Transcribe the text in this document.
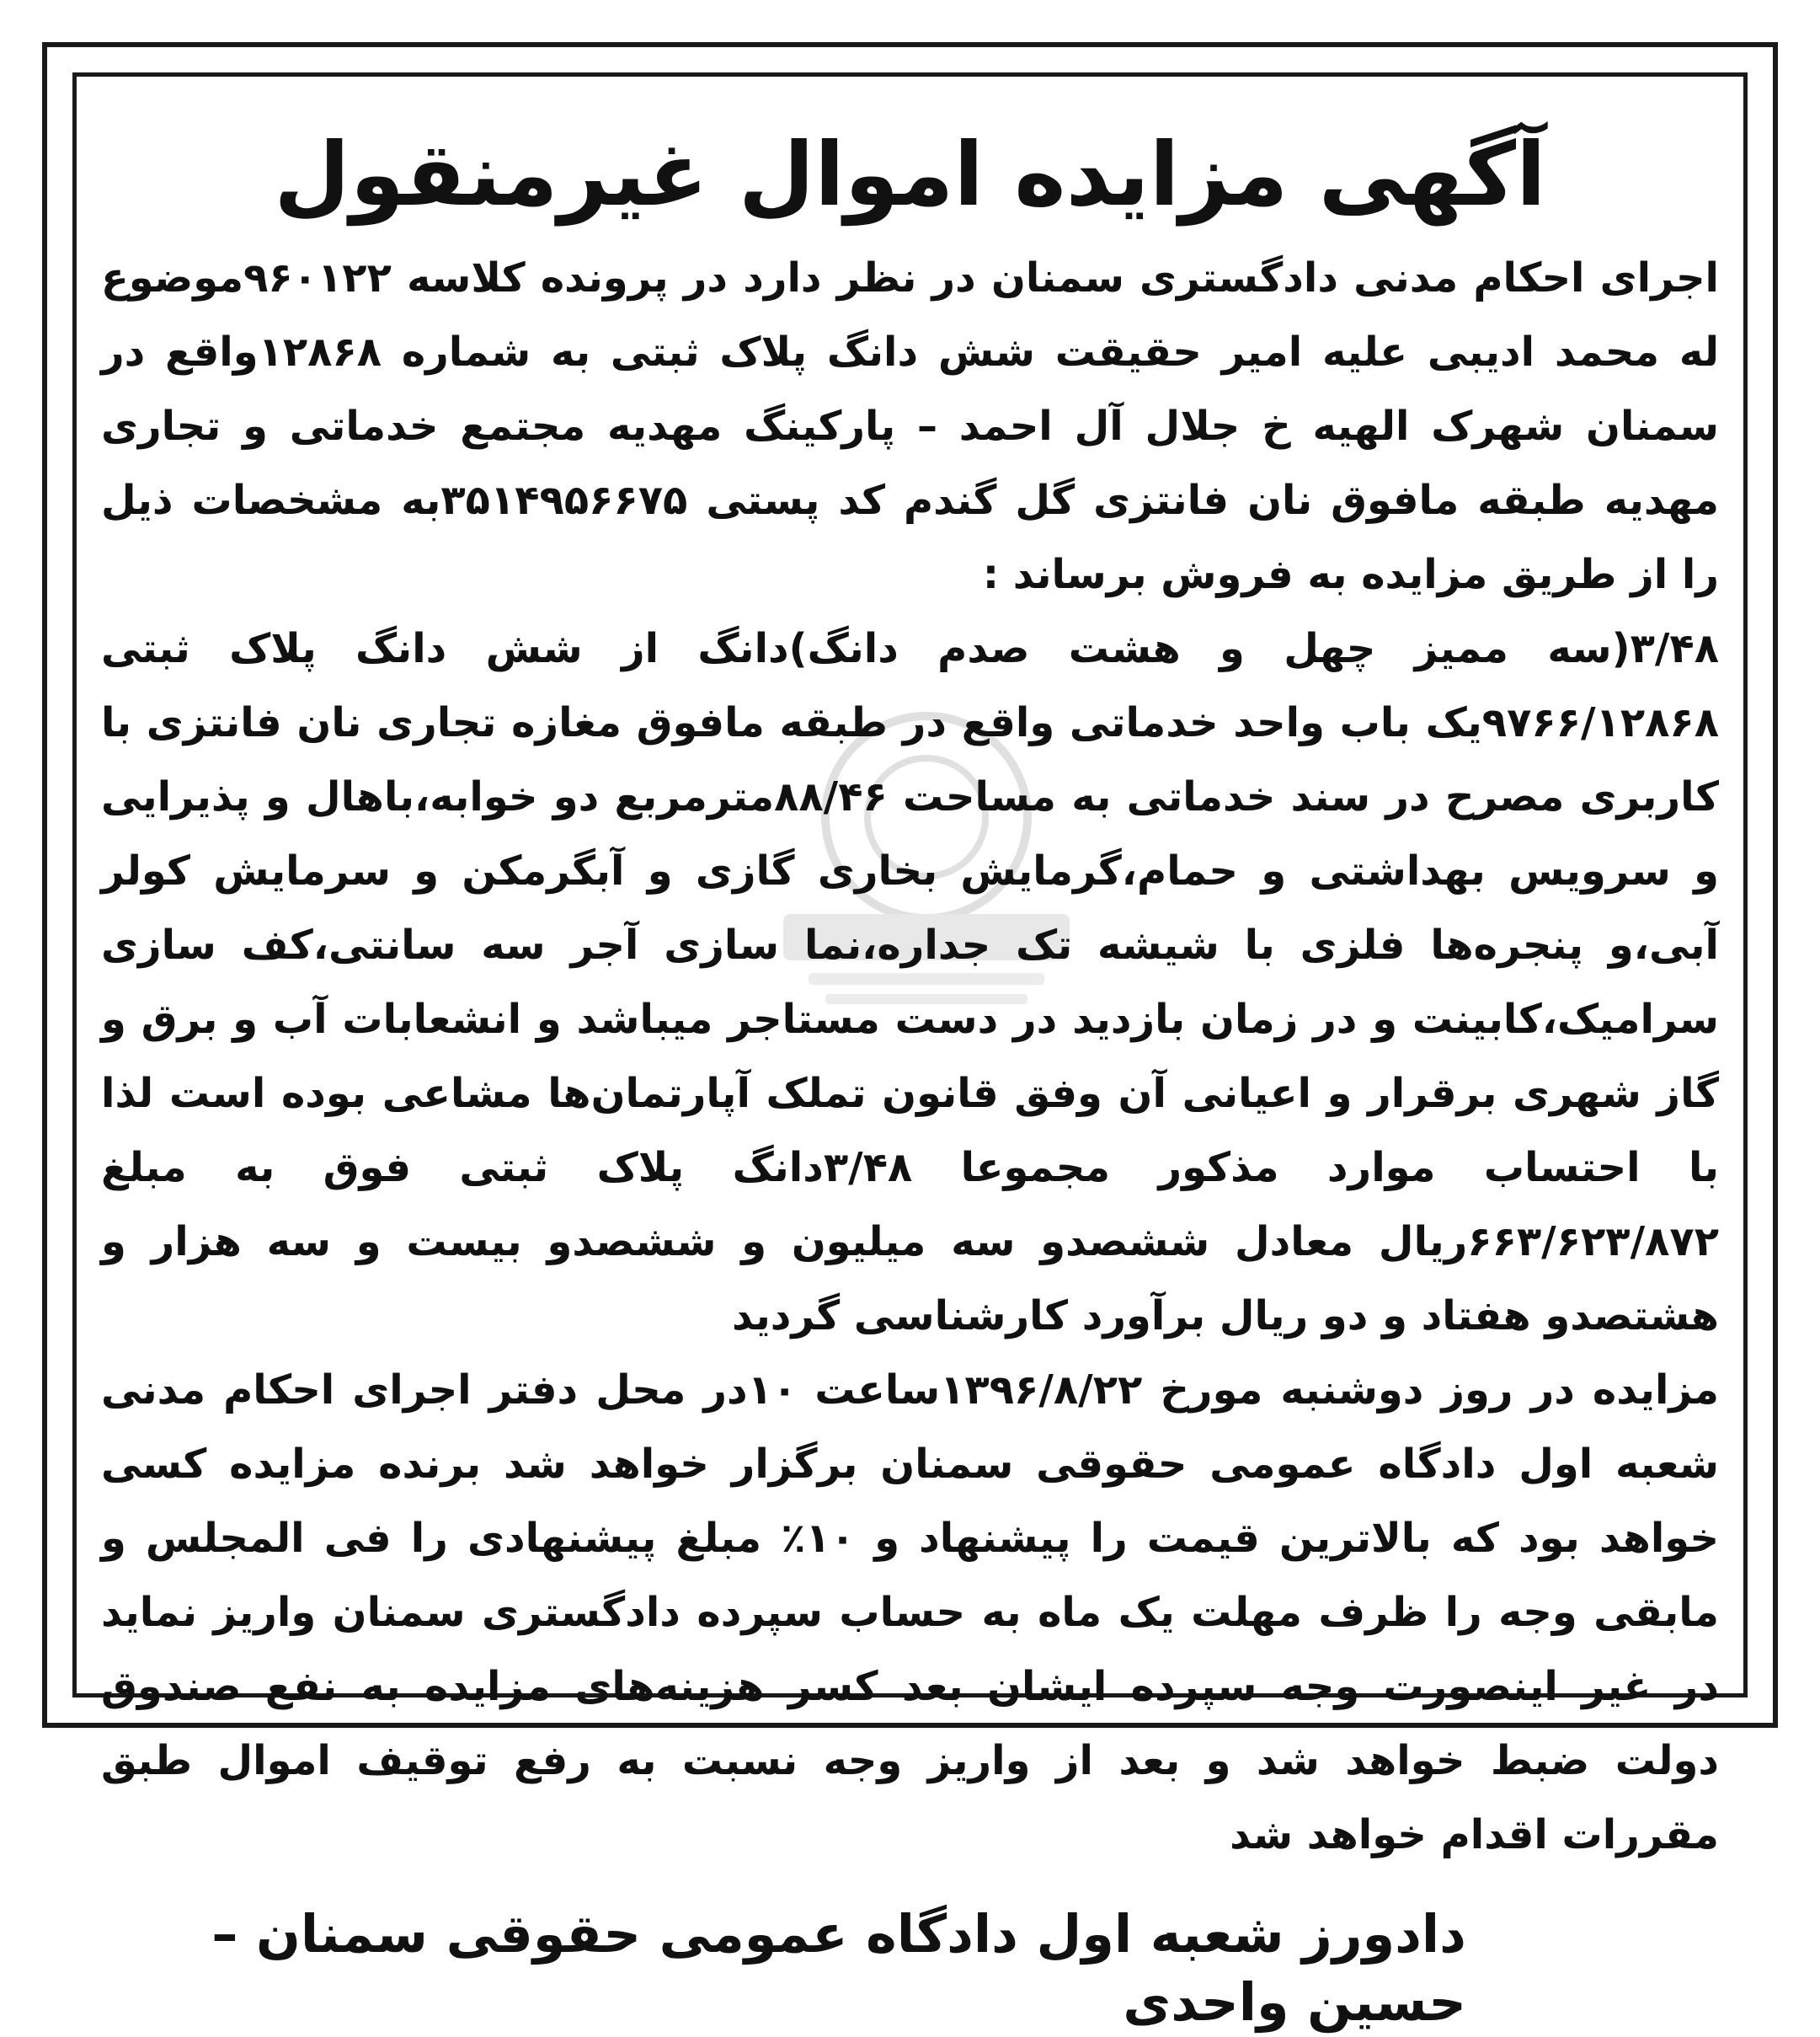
آگهی مزایده اموال غیرمنقول

اجرای احکام مدنی دادگستری سمنان در نظر دارد در پرونده کلاسه ۹۶۰۱۲۲موضوع له محمد ادیبی علیه امیر حقیقت شش دانگ پلاک ثبتی به شماره ۱۲۸۶۸واقع در سمنان شهرک الهیه خ جلال آل احمد – پارکینگ مهدیه مجتمع خدماتی و تجاری مهدیه طبقه مافوق نان فانتزی گل گندم کد پستی ۳۵۱۴۹۵۶۶۷۵به مشخصات ذیل را از طریق مزایده به فروش برساند :

۳/۴۸(سه ممیز چهل و هشت صدم دانگ)دانگ از شش دانگ پلاک ثبتی ۹۷۶۶/۱۲۸۶۸یک باب واحد خدماتی واقع در طبقه مافوق مغازه تجاری نان فانتزی با کاربری مصرح در سند خدماتی به مساحت ۸۸/۴۶مترمربع دو خوابه،باهال و پذیرایی و سرویس بهداشتی و حمام،گرمایش بخاری گازی و آبگرمکن و سرمایش کولر آبی،و پنجره‌ها فلزی با شیشه تک جداره،نما سازی آجر سه سانتی،کف سازی سرامیک،کابینت و در زمان بازدید در دست مستاجر میباشد و انشعابات آب و برق و گاز شهری برقرار و اعیانی آن وفق قانون تملک آپارتمان‌ها مشاعی بوده است لذا با احتساب موارد مذکور مجموعا ۳/۴۸دانگ پلاک ثبتی فوق به مبلغ ۶۶۳/۶۲۳/۸۷۲ریال معادل ششصدو سه میلیون و ششصدو بیست و سه هزار و هشتصدو هفتاد و دو ریال برآورد کارشناسی گردید

مزایده در روز دوشنبه مورخ ۱۳۹۶/۸/۲۲ساعت ۱۰در محل دفتر اجرای احکام مدنی شعبه اول دادگاه عمومی حقوقی سمنان برگزار خواهد شد برنده مزایده کسی خواهد بود که بالاترین قیمت را پیشنهاد و ۱۰٪ مبلغ پیشنهادی را فی المجلس و مابقی وجه را ظرف مهلت یک ماه به حساب سپرده دادگستری سمنان واریز نماید در غیر اینصورت وجه سپرده ایشان بعد کسر هزینه‌های مزایده به نفع صندوق دولت ضبط خواهد شد و بعد از واریز وجه نسبت به رفع توقیف اموال طبق مقررات اقدام خواهد شد

دادورز شعبه اول دادگاه عمومی حقوقی سمنان – حسین واحدی
